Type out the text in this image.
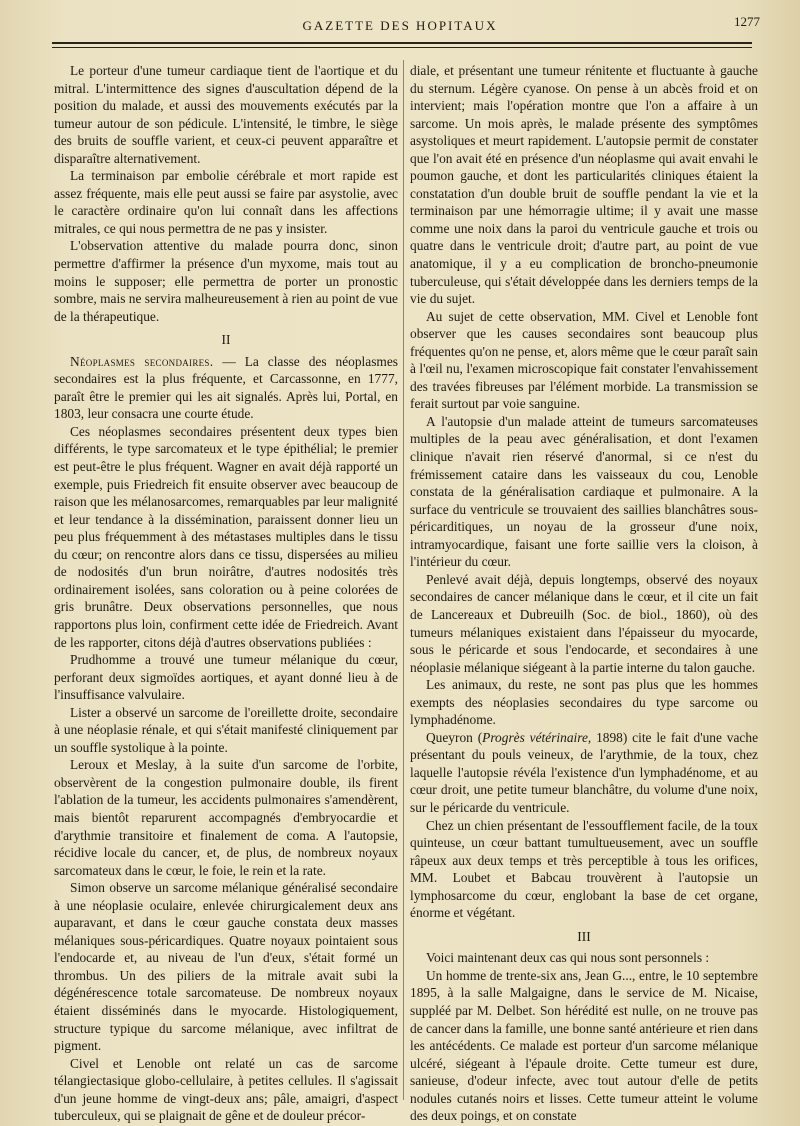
GAZETTE DES HOPITAUX	1277

Le porteur d'une tumeur cardiaque tient de l'aortique et du mitral. L'intermittence des signes d'auscultation dépend de la position du malade, et aussi des mouvements exécutés par la tumeur autour de son pédicule. L'intensité, le timbre, le siège des bruits de souffle varient, et ceux-ci peuvent apparaître et disparaître alternativement.

La terminaison par embolie cérébrale et mort rapide est assez fréquente, mais elle peut aussi se faire par asystolie, avec le caractère ordinaire qu'on lui connaît dans les affections mitrales, ce qui nous permettra de ne pas y insister.

L'observation attentive du malade pourra donc, sinon permettre d'affirmer la présence d'un myxome, mais tout au moins le supposer; elle permettra de porter un pronostic sombre, mais ne servira malheureusement à rien au point de vue de la thérapeutique.

II

Néoplasmes secondaires. — La classe des néoplasmes secondaires est la plus fréquente, et Carcassonne, en 1777, paraît être le premier qui les ait signalés. Après lui, Portal, en 1803, leur consacra une courte étude.

Ces néoplasmes secondaires présentent deux types bien différents, le type sarcomateux et le type épithélial; le premier est peut-être le plus fréquent. Wagner en avait déjà rapporté un exemple, puis Friedreich fit ensuite observer avec beaucoup de raison que les mélanosarcomes, remarquables par leur malignité et leur tendance à la dissémination, paraissent donner lieu un peu plus fréquemment à des métastases multiples dans le tissu du cœur; on rencontre alors dans ce tissu, dispersées au milieu de nodosités d'un brun noirâtre, d'autres nodosités très ordinairement isolées, sans coloration ou à peine colorées de gris brunâtre. Deux observations personnelles, que nous rapportons plus loin, confirment cette idée de Friedreich. Avant de les rapporter, citons déjà d'autres observations publiées :

Prudhomme a trouvé une tumeur mélanique du cœur, perforant deux sigmoïdes aortiques, et ayant donné lieu à de l'insuffisance valvulaire.

Lister a observé un sarcome de l'oreillette droite, secondaire à une néoplasie rénale, et qui s'était manifesté cliniquement par un souffle systolique à la pointe.

Leroux et Meslay, à la suite d'un sarcome de l'orbite, observèrent de la congestion pulmonaire double, ils firent l'ablation de la tumeur, les accidents pulmonaires s'amendèrent, mais bientôt reparurent accompagnés d'embryocardie et d'arythmie transitoire et finalement de coma. A l'autopsie, récidive locale du cancer, et, de plus, de nombreux noyaux sarcomateux dans le cœur, le foie, le rein et la rate.

Simon observe un sarcome mélanique généralisé secondaire à une néoplasie oculaire, enlevée chirurgicalement deux ans auparavant, et dans le cœur gauche constata deux masses mélaniques sous-péricardiques. Quatre noyaux pointaient sous l'endocarde et, au niveau de l'un d'eux, s'était formé un thrombus. Un des piliers de la mitrale avait subi la dégénérescence totale sarcomateuse. De nombreux noyaux étaient disséminés dans le myocarde. Histologiquement, structure typique du sarcome mélanique, avec infiltrat de pigment.

Civel et Lenoble ont relaté un cas de sarcome télangiectasique globo-cellulaire, à petites cellules. Il s'agissait d'un jeune homme de vingt-deux ans; pâle, amaigri, d'aspect tuberculeux, qui se plaignait de gêne et de douleur précor-

diale, et présentant une tumeur rénitente et fluctuante à gauche du sternum. Légère cyanose. On pense à un abcès froid et on intervient; mais l'opération montre que l'on a affaire à un sarcome. Un mois après, le malade présente des symptômes asystoliques et meurt rapidement. L'autopsie permit de constater que l'on avait été en présence d'un néoplasme qui avait envahi le poumon gauche, et dont les particularités cliniques étaient la constatation d'un double bruit de souffle pendant la vie et la terminaison par une hémorragie ultime; il y avait une masse comme une noix dans la paroi du ventricule gauche et trois ou quatre dans le ventricule droit; d'autre part, au point de vue anatomique, il y a eu complication de broncho-pneumonie tuberculeuse, qui s'était développée dans les derniers temps de la vie du sujet.

Au sujet de cette observation, MM. Civel et Lenoble font observer que les causes secondaires sont beaucoup plus fréquentes qu'on ne pense, et, alors même que le cœur paraît sain à l'œil nu, l'examen microscopique fait constater l'envahissement des travées fibreuses par l'élément morbide. La transmission se ferait surtout par voie sanguine.

A l'autopsie d'un malade atteint de tumeurs sarcomateuses multiples de la peau avec généralisation, et dont l'examen clinique n'avait rien réservé d'anormal, si ce n'est du frémissement cataire dans les vaisseaux du cou, Lenoble constata de la généralisation cardiaque et pulmonaire. A la surface du ventricule se trouvaient des saillies blanchâtres sous-péricarditiques, un noyau de la grosseur d'une noix, intramyocardique, faisant une forte saillie vers la cloison, à l'intérieur du cœur.

Penlevé avait déjà, depuis longtemps, observé des noyaux secondaires de cancer mélanique dans le cœur, et il cite un fait de Lancereaux et Dubreuilh (Soc. de biol., 1860), où des tumeurs mélaniques existaient dans l'épaisseur du myocarde, sous le péricarde et sous l'endocarde, et secondaires à une néoplasie mélanique siégeant à la partie interne du talon gauche.

Les animaux, du reste, ne sont pas plus que les hommes exempts des néoplasies secondaires du type sarcome ou lymphadénome.

Queyron (Progrès vétérinaire, 1898) cite le fait d'une vache présentant du pouls veineux, de l'arythmie, de la toux, chez laquelle l'autopsie révéla l'existence d'un lymphadénome, et au cœur droit, une petite tumeur blanchâtre, du volume d'une noix, sur le péricarde du ventricule.

Chez un chien présentant de l'essoufflement facile, de la toux quinteuse, un cœur battant tumultueusement, avec un souffle râpeux aux deux temps et très perceptible à tous les orifices, MM. Loubet et Babcau trouvèrent à l'autopsie un lymphosarcome du cœur, englobant la base de cet organe, énorme et végétant.

III

Voici maintenant deux cas qui nous sont personnels :

Un homme de trente-six ans, Jean G..., entre, le 10 septembre 1895, à la salle Malgaigne, dans le service de M. Nicaise, suppléé par M. Delbet. Son hérédité est nulle, on ne trouve pas de cancer dans la famille, une bonne santé antérieure et rien dans les antécédents. Ce malade est porteur d'un sarcome mélanique ulcéré, siégeant à l'épaule droite. Cette tumeur est dure, sanieuse, d'odeur infecte, avec tout autour d'elle de petits nodules cutanés noirs et lisses. Cette tumeur atteint le volume des deux poings, et on constate
